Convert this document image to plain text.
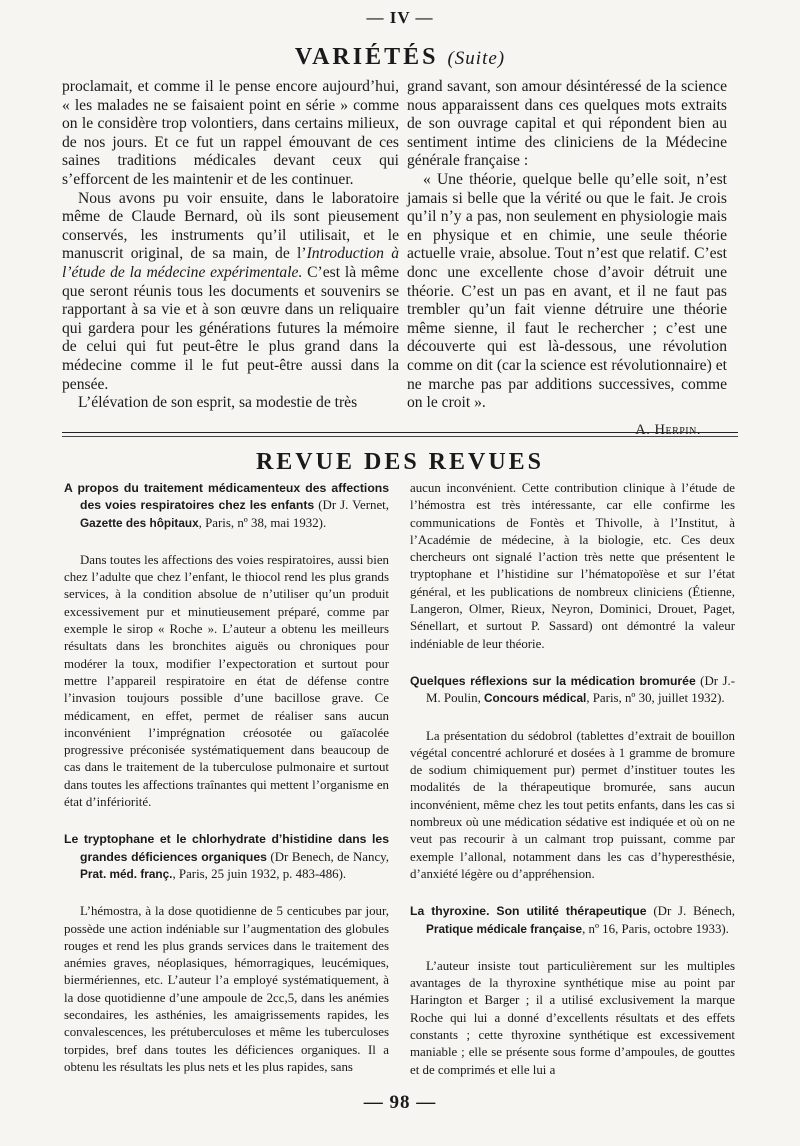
— IV —
VARIÉTÉS (Suite)

proclamait, et comme il le pense encore aujourd’hui, « les malades ne se faisaient point en série » comme on le considère trop volontiers, dans certains milieux, de nos jours. Et ce fut un rappel émouvant de ces saines traditions médicales devant ceux qui s’efforcent de les maintenir et de les continuer.

Nous avons pu voir ensuite, dans le laboratoire même de Claude Bernard, où ils sont pieusement conservés, les instruments qu’il utilisait, et le manuscrit original, de sa main, de l’Introduction à l’étude de la médecine expérimentale. C’est là même que seront réunis tous les documents et souvenirs se rapportant à sa vie et à son œuvre dans un reliquaire qui gardera pour les générations futures la mémoire de celui qui fut peut-être le plus grand dans la médecine comme il le fut peut-être aussi dans la pensée.

L’élévation de son esprit, sa modestie de très

grand savant, son amour désintéressé de la science nous apparaissent dans ces quelques mots extraits de son ouvrage capital et qui répondent bien au sentiment intime des cliniciens de la Médecine générale française :

« Une théorie, quelque belle qu’elle soit, n’est jamais si belle que la vérité ou que le fait. Je crois qu’il n’y a pas, non seulement en physiologie mais en physique et en chimie, une seule théorie actuelle vraie, absolue. Tout n’est que relatif. C’est donc une excellente chose d’avoir détruit une théorie. C’est un pas en avant, et il ne faut pas trembler qu’un fait vienne détruire une théorie même sienne, il faut le rechercher ; c’est une découverte qui est là-dessous, une révolution comme on dit (car la science est révolutionnaire) et ne marche pas par additions successives, comme on le croit ».

A. Herpin.
REVUE DES REVUES

A propos du traitement médicamenteux des affections des voies respiratoires chez les enfants (Dr J. Vernet, Gazette des hôpitaux, Paris, nº 38, mai 1932).

Dans toutes les affections des voies respiratoires, aussi bien chez l’adulte que chez l’enfant, le thiocol rend les plus grands services, à la condition absolue de n’utiliser qu’un produit excessivement pur et minutieusement préparé, comme par exemple le sirop « Roche ». L’auteur a obtenu les meilleurs résultats dans les bronchites aiguës ou chroniques pour modérer la toux, modifier l’expectoration et surtout pour mettre l’appareil respiratoire en état de défense contre l’invasion toujours possible d’une bacillose grave. Ce médicament, en effet, permet de réaliser sans aucun inconvénient l’imprégnation créosotée ou gaïacolée progressive préconisée systématiquement dans beaucoup de cas dans le traitement de la tuberculose pulmonaire et surtout dans toutes les affections traînantes qui mettent l’organisme en état d’infériorité.

Le tryptophane et le chlorhydrate d’histidine dans les grandes déficiences organiques (Dr Benech, de Nancy, Prat. méd. franç., Paris, 25 juin 1932, p. 483-486).

L’hémostra, à la dose quotidienne de 5 centicubes par jour, possède une action indéniable sur l’augmentation des globules rouges et rend les plus grands services dans le traitement des anémies graves, néoplasiques, hémorragiques, leucémiques, biermériennes, etc. L’auteur l’a employé systématiquement, à la dose quotidienne d’une ampoule de 2cc,5, dans les anémies secondaires, les asthénies, les amaigrissements rapides, les convalescences, les prétuberculoses et même les tuberculoses torpides, bref dans toutes les déficiences organiques. Il a obtenu les résultats les plus nets et les plus rapides, sans

aucun inconvénient. Cette contribution clinique à l’étude de l’hémostra est très intéressante, car elle confirme les communications de Fontès et Thivolle, à l’Institut, à l’Académie de médecine, à la biologie, etc. Ces deux chercheurs ont signalé l’action très nette que présentent le tryptophane et l’histidine sur l’hématopoïèse et sur l’état général, et les publications de nombreux cliniciens (Étienne, Langeron, Olmer, Rieux, Neyron, Dominici, Drouet, Paget, Sénellart, et surtout P. Sassard) ont démontré la valeur indéniable de leur théorie.

Quelques réflexions sur la médication bromurée (Dr J.-M. Poulin, Concours médical, Paris, nº 30, juillet 1932).

La présentation du sédobrol (tablettes d’extrait de bouillon végétal concentré achloruré et dosées à 1 gramme de bromure de sodium chimiquement pur) permet d’instituer toutes les modalités de la thérapeutique bromurée, sans aucun inconvénient, même chez les tout petits enfants, dans les cas si nombreux où une médication sédative est indiquée et où on ne veut pas recourir à un calmant trop puissant, comme par exemple l’allonal, notamment dans les cas d’hyperesthésie, d’anxiété légère ou d’appréhension.

La thyroxine. Son utilité thérapeutique (Dr J. Bénech, Pratique médicale française, nº 16, Paris, octobre 1933).

L’auteur insiste tout particulièrement sur les multiples avantages de la thyroxine synthétique mise au point par Harington et Barger ; il a utilisé exclusivement la marque Roche qui lui a donné d’excellents résultats et des effets constants ; cette thyroxine synthétique est excessivement maniable ; elle se présente sous forme d’ampoules, de gouttes et de comprimés et elle lui a

— 98 —
